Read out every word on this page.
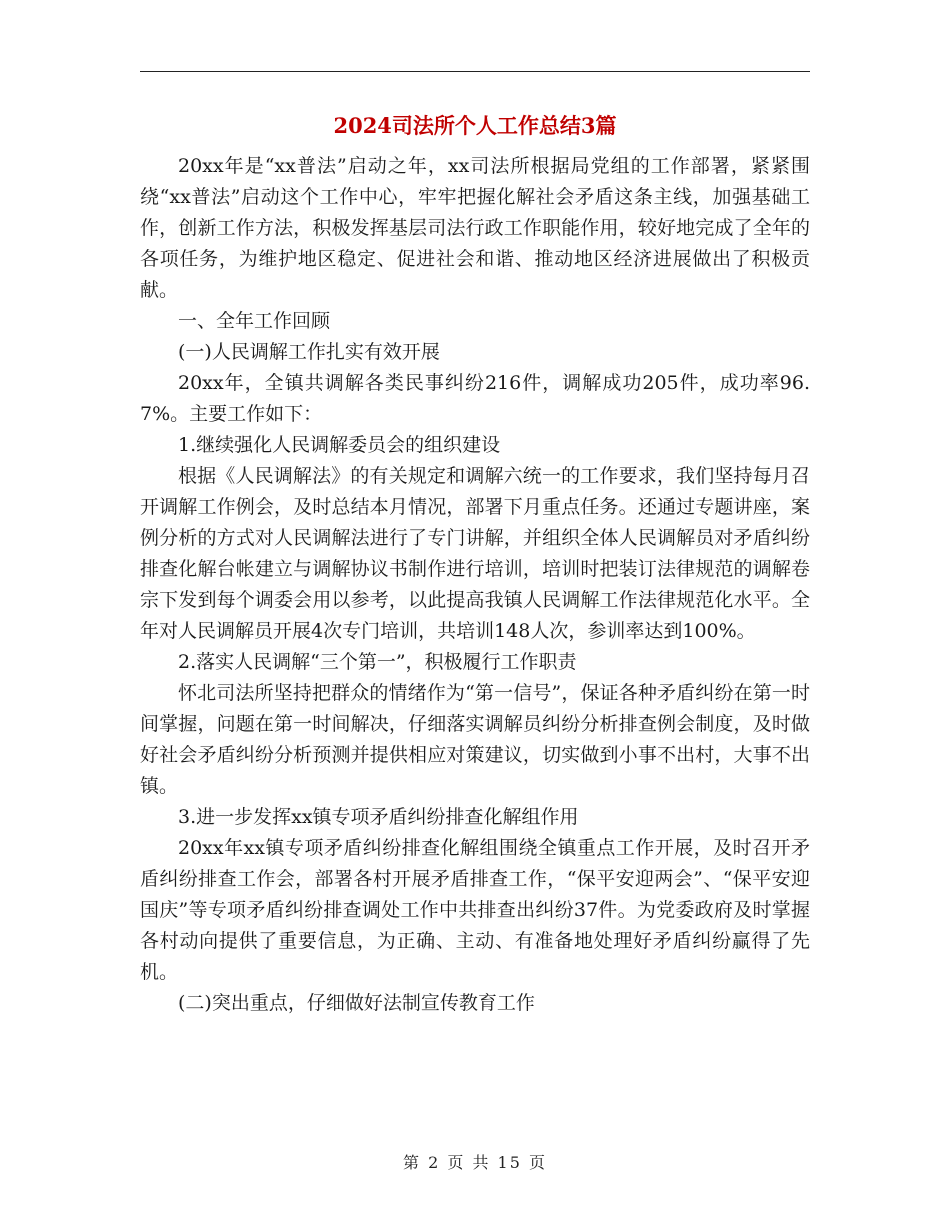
2024司法所个人工作总结3篇

20xx年是“xx普法”启动之年，xx司法所根据局党组的工作部署，紧紧围绕“xx普法”启动这个工作中心，牢牢把握化解社会矛盾这条主线，加强基础工作，创新工作方法，积极发挥基层司法行政工作职能作用，较好地完成了全年的各项任务，为维护地区稳定、促进社会和谐、推动地区经济进展做出了积极贡献。

一、全年工作回顾

(一)人民调解工作扎实有效开展

20xx年，全镇共调解各类民事纠纷216件，调解成功205件，成功率96.7%。主要工作如下：

1.继续强化人民调解委员会的组织建设

根据《人民调解法》的有关规定和调解六统一的工作要求，我们坚持每月召开调解工作例会，及时总结本月情况，部署下月重点任务。还通过专题讲座，案例分析的方式对人民调解法进行了专门讲解，并组织全体人民调解员对矛盾纠纷排查化解台帐建立与调解协议书制作进行培训，培训时把装订法律规范的调解卷宗下发到每个调委会用以参考，以此提高我镇人民调解工作法律规范化水平。全年对人民调解员开展4次专门培训，共培训148人次，参训率达到100%。

2.落实人民调解“三个第一”，积极履行工作职责

怀北司法所坚持把群众的情绪作为“第一信号”，保证各种矛盾纠纷在第一时间掌握，问题在第一时间解决，仔细落实调解员纠纷分析排查例会制度，及时做好社会矛盾纠纷分析预测并提供相应对策建议，切实做到小事不出村，大事不出镇。

3.进一步发挥xx镇专项矛盾纠纷排查化解组作用

20xx年xx镇专项矛盾纠纷排查化解组围绕全镇重点工作开展，及时召开矛盾纠纷排查工作会，部署各村开展矛盾排查工作，“保平安迎两会”、“保平安迎国庆”等专项矛盾纠纷排查调处工作中共排查出纠纷37件。为党委政府及时掌握各村动向提供了重要信息，为正确、主动、有准备地处理好矛盾纠纷赢得了先机。

(二)突出重点，仔细做好法制宣传教育工作

第 2 页 共 15 页
